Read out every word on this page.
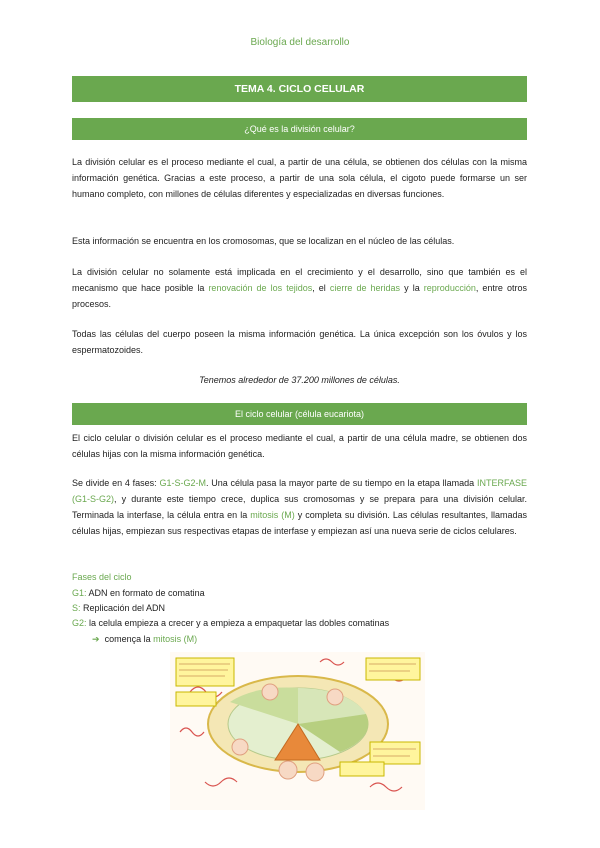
Biología del desarrollo
TEMA 4. CICLO CELULAR
¿Qué es la división celular?
La división celular es el proceso mediante el cual, a partir de una célula, se obtienen dos células con la misma información genética. Gracias a este proceso, a partir de una sola célula, el cigoto puede formarse un ser humano completo, con millones de células diferentes y especializadas en diversas funciones.
Esta información se encuentra en los cromosomas, que se localizan en el núcleo de las células.
La división celular no solamente está implicada en el crecimiento y el desarrollo, sino que también es el mecanismo que hace posible la renovación de los tejidos, el cierre de heridas y la reproducción, entre otros procesos.
Todas las células del cuerpo poseen la misma información genética. La única excepción son los óvulos y los espermatozoides.
Tenemos alrededor de 37.200 millones de células.
El ciclo celular (célula eucariota)
El ciclo celular o división celular es el proceso mediante el cual, a partir de una célula madre, se obtienen dos células hijas con la misma información genética.
Se divide en 4 fases: G1-S-G2-M. Una célula pasa la mayor parte de su tiempo en la etapa llamada INTERFASE (G1-S-G2), y durante este tiempo crece, duplica sus cromosomas y se prepara para una división celular. Terminada la interfase, la célula entra en la mitosis (M) y completa su división. Las células resultantes, llamadas células hijas, empiezan sus respectivas etapas de interfase y empiezan así una nueva serie de ciclos celulares.
Fases del ciclo
G1: ADN en formato de comatina
S: Replicación del ADN
G2: la celula empieza a crecer y a empieza a empaquetar las dobles comatinas
➔ comença la mitosis (M)
